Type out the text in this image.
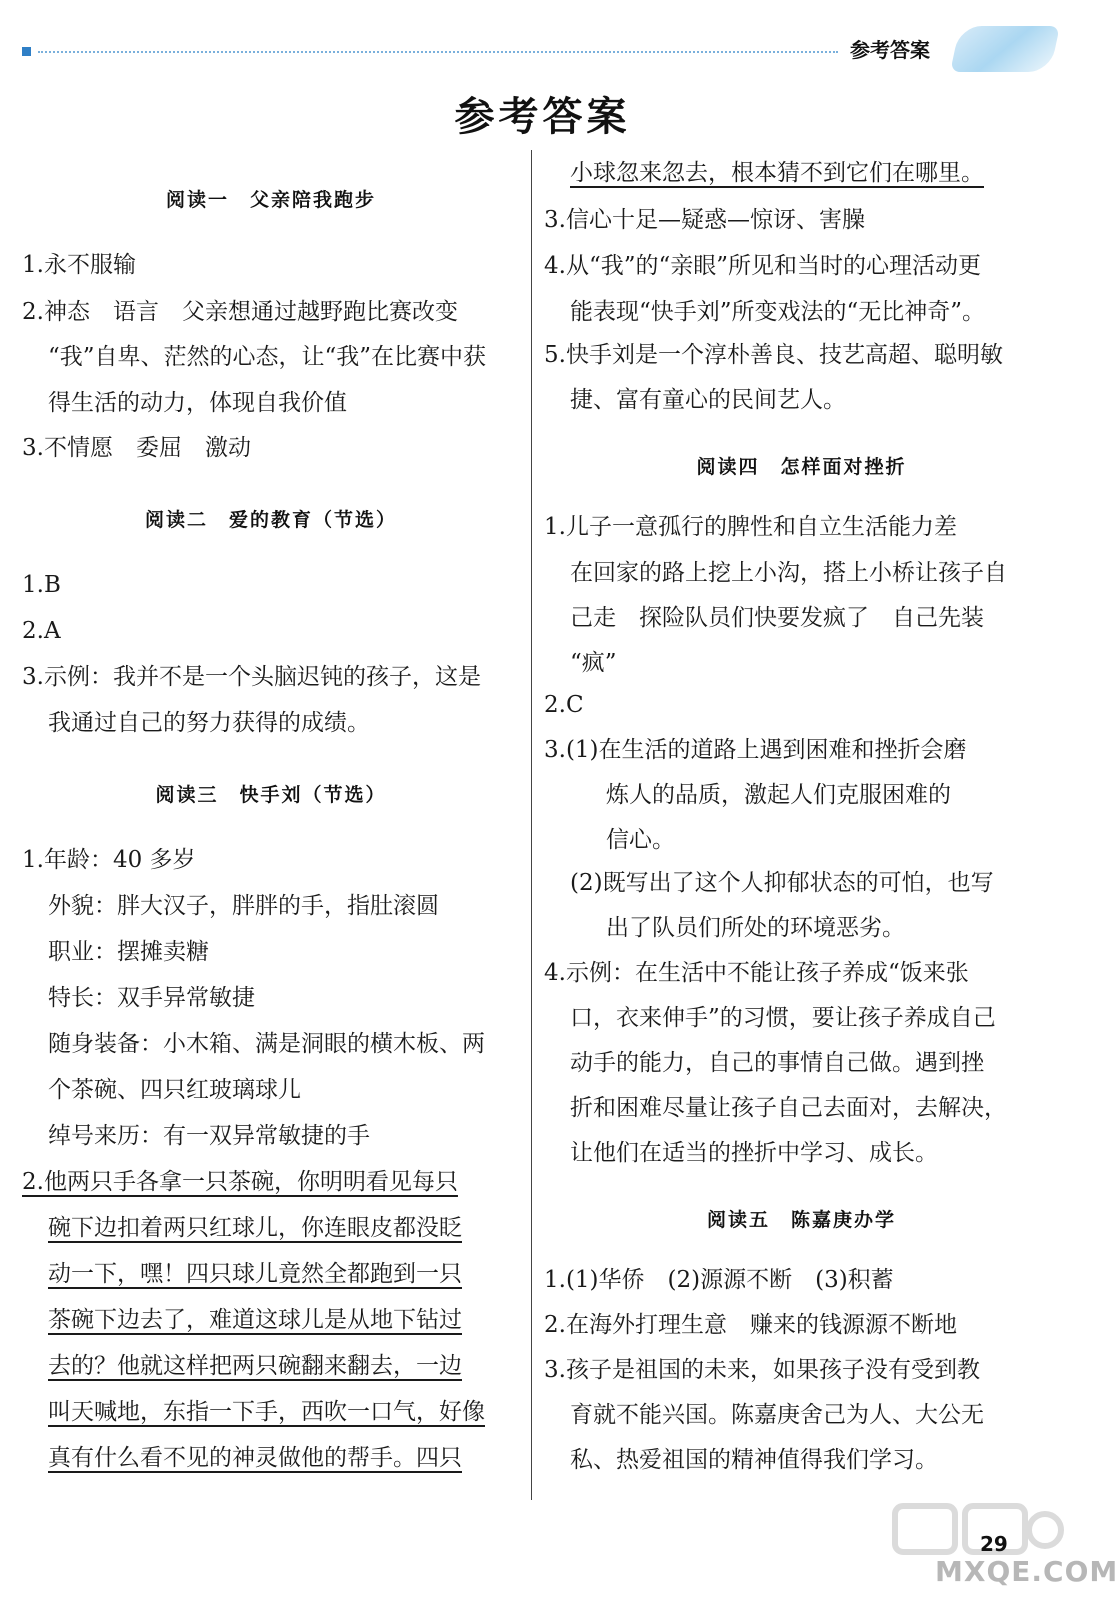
参考答案
参考答案
阅读一　父亲陪我跑步
1.永不服输
2.神态　语言　父亲想通过越野跑比赛改变
“我”自卑、茫然的心态，让“我”在比赛中获
得生活的动力，体现自我价值
3.不情愿　委屈　激动
阅读二　爱的教育（节选）
1.B
2.A
3.示例：我并不是一个头脑迟钝的孩子，这是
我通过自己的努力获得的成绩。
阅读三　快手刘（节选）
1.年龄：40 多岁
外貌：胖大汉子，胖胖的手，指肚滚圆
职业：摆摊卖糖
特长：双手异常敏捷
随身装备：小木箱、满是洞眼的横木板、两
个茶碗、四只红玻璃球儿
绰号来历：有一双异常敏捷的手
2.他两只手各拿一只茶碗，你明明看见每只
碗下边扣着两只红球儿，你连眼皮都没眨
动一下，嘿！四只球儿竟然全都跑到一只
茶碗下边去了，难道这球儿是从地下钻过
去的？他就这样把两只碗翻来翻去，一边
叫天喊地，东指一下手，西吹一口气，好像
真有什么看不见的神灵做他的帮手。四只
小球忽来忽去，根本猜不到它们在哪里。
3.信心十足—疑惑—惊讶、害臊
4.从“我”的“亲眼”所见和当时的心理活动更
能表现“快手刘”所变戏法的“无比神奇”。
5.快手刘是一个淳朴善良、技艺高超、聪明敏
捷、富有童心的民间艺人。
阅读四　怎样面对挫折
1.儿子一意孤行的脾性和自立生活能力差
在回家的路上挖上小沟，搭上小桥让孩子自
己走　探险队员们快要发疯了　自己先装
“疯”
2.C
3.(1)在生活的道路上遇到困难和挫折会磨
炼人的品质，激起人们克服困难的
信心。
(2)既写出了这个人抑郁状态的可怕，也写
出了队员们所处的环境恶劣。
4.示例：在生活中不能让孩子养成“饭来张
口，衣来伸手”的习惯，要让孩子养成自己
动手的能力，自己的事情自己做。遇到挫
折和困难尽量让孩子自己去面对，去解决，
让他们在适当的挫折中学习、成长。
阅读五　陈嘉庚办学
1.(1)华侨　(2)源源不断　(3)积蓄
2.在海外打理生意　赚来的钱源源不断地
3.孩子是祖国的未来，如果孩子没有受到教
育就不能兴国。陈嘉庚舍己为人、大公无
私、热爱祖国的精神值得我们学习。
29
MXQE.COM
